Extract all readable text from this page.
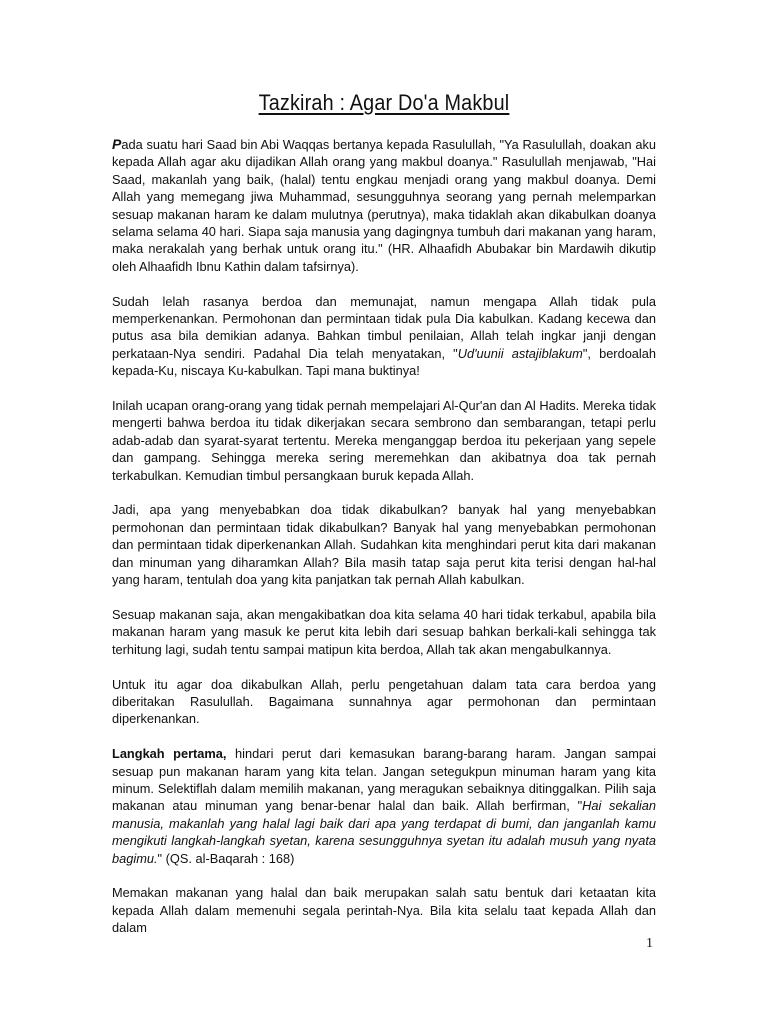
Tazkirah : Agar Do'a Makbul

Pada suatu hari Saad bin Abi Waqqas bertanya kepada Rasulullah, "Ya Rasulullah, doakan aku kepada Allah agar aku dijadikan Allah orang yang makbul doanya." Rasulullah menjawab, "Hai Saad, makanlah yang baik, (halal) tentu engkau menjadi orang yang makbul doanya. Demi Allah yang memegang jiwa Muhammad, sesungguhnya seorang yang pernah melemparkan sesuap makanan haram ke dalam mulutnya (perutnya), maka tidaklah akan dikabulkan doanya selama selama 40 hari. Siapa saja manusia yang dagingnya tumbuh dari makanan yang haram, maka nerakalah yang berhak untuk orang itu." (HR. Alhaafidh Abubakar bin Mardawih dikutip oleh Alhaafidh Ibnu Kathin dalam tafsirnya).

Sudah lelah rasanya berdoa dan memunajat, namun mengapa Allah tidak pula memperkenankan. Permohonan dan permintaan tidak pula Dia kabulkan. Kadang kecewa dan putus asa bila demikian adanya. Bahkan timbul penilaian, Allah telah ingkar janji dengan perkataan-Nya sendiri. Padahal Dia telah menyatakan, "Ud'uunii astajiblakum", berdoalah kepada-Ku, niscaya Ku-kabulkan. Tapi mana buktinya!

Inilah ucapan orang-orang yang tidak pernah mempelajari Al-Qur'an dan Al Hadits. Mereka tidak mengerti bahwa berdoa itu tidak dikerjakan secara sembrono dan sembarangan, tetapi perlu adab-adab dan syarat-syarat tertentu. Mereka menganggap berdoa itu pekerjaan yang sepele dan gampang. Sehingga mereka sering meremehkan dan akibatnya doa tak pernah terkabulkan. Kemudian timbul persangkaan buruk kepada Allah.

Jadi, apa yang menyebabkan doa tidak dikabulkan? banyak hal yang menyebabkan permohonan dan permintaan tidak dikabulkan? Banyak hal yang menyebabkan permohonan dan permintaan tidak diperkenankan Allah. Sudahkan kita menghindari perut kita dari makanan dan minuman yang diharamkan Allah? Bila masih tatap saja perut kita terisi dengan hal-hal yang haram, tentulah doa yang kita panjatkan tak pernah Allah kabulkan.

Sesuap makanan saja, akan mengakibatkan doa kita selama 40 hari tidak terkabul, apabila bila makanan haram yang masuk ke perut kita lebih dari sesuap bahkan berkali-kali sehingga tak terhitung lagi, sudah tentu sampai matipun kita berdoa, Allah tak akan mengabulkannya.

Untuk itu agar doa dikabulkan Allah, perlu pengetahuan dalam tata cara berdoa yang diberitakan Rasulullah. Bagaimana sunnahnya agar permohonan dan permintaan diperkenankan.

Langkah pertama, hindari perut dari kemasukan barang-barang haram. Jangan sampai sesuap pun makanan haram yang kita telan. Jangan setegukpun minuman haram yang kita minum. Selektiflah dalam memilih makanan, yang meragukan sebaiknya ditinggalkan. Pilih saja makanan atau minuman yang benar-benar halal dan baik. Allah berfirman, "Hai sekalian manusia, makanlah yang halal lagi baik dari apa yang terdapat di bumi, dan janganlah kamu mengikuti langkah-langkah syetan, karena sesungguhnya syetan itu adalah musuh yang nyata bagimu." (QS. al-Baqarah : 168)

Memakan makanan yang halal dan baik merupakan salah satu bentuk dari ketaatan kita kepada Allah dalam memenuhi segala perintah-Nya. Bila kita selalu taat kepada Allah dan dalam

1
